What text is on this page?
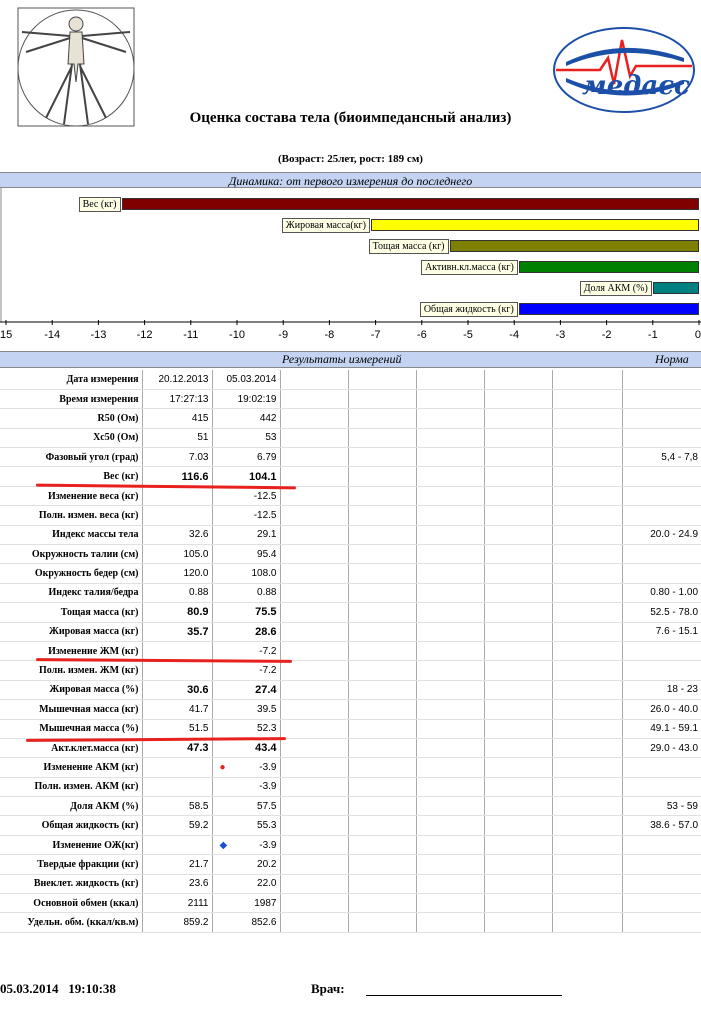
медасс
Оценка состава тела (биоимпедансный анализ)
(Возраст: 25лет, рост: 189 см)
Динамика: от первого измерения до последнего
Вес (кг)
Жировая масса(кг)
Тощая масса (кг)
Активн.кл.масса (кг)
Доля АКМ (%)
Общая жидкость (кг)
15	-14	-13	-12	-11	-10	-9	-8	-7	-6	-5	-4	-3	-2	-1	0
Результаты измерений	Норма
Дата измерения	20.12.2013	05.03.2014						
Время измерения	17:27:13	19:02:19						
R50 (Ом)	415	442						
Xc50 (Ом)	51	53						
Фазовый угол (град)	7.03	6.79						5,4 - 7,8
Вес (кг)	116.6	104.1						
Изменение веса (кг)		-12.5						
Полн. измен. веса (кг)		-12.5						
Индекс массы тела	32.6	29.1						20.0 - 24.9
Окружность талии (см)	105.0	95.4						
Окружность бедер (см)	120.0	108.0						
Индекс талия/бедра	0.88	0.88						0.80 - 1.00
Тощая масса (кг)	80.9	75.5						52.5 - 78.0
Жировая масса (кг)	35.7	28.6						7.6 - 15.1
Изменение ЖМ (кг)		-7.2						
Полн. измен. ЖМ (кг)		-7.2						
Жировая масса (%)	30.6	27.4						18 - 23
Мышечная масса (кг)	41.7	39.5						26.0 - 40.0
Мышечная масса (%)	51.5	52.3						49.1 - 59.1
Акт.клет.масса (кг)	47.3	43.4						29.0 - 43.0
Изменение АКМ (кг)		● -3.9						
Полн. измен. АКМ (кг)		-3.9						
Доля АКМ (%)	58.5	57.5						53 - 59
Общая жидкость (кг)	59.2	55.3						38.6 - 57.0
Изменение ОЖ(кг)		◆ -3.9						
Твердые фракции (кг)	21.7	20.2						
Внеклет. жидкость (кг)	23.6	22.0						
Основной обмен (ккал)	2111	1987						
Удельн. обм. (ккал/кв.м)	859.2	852.6						
05.03.2014   19:10:38	Врач:
